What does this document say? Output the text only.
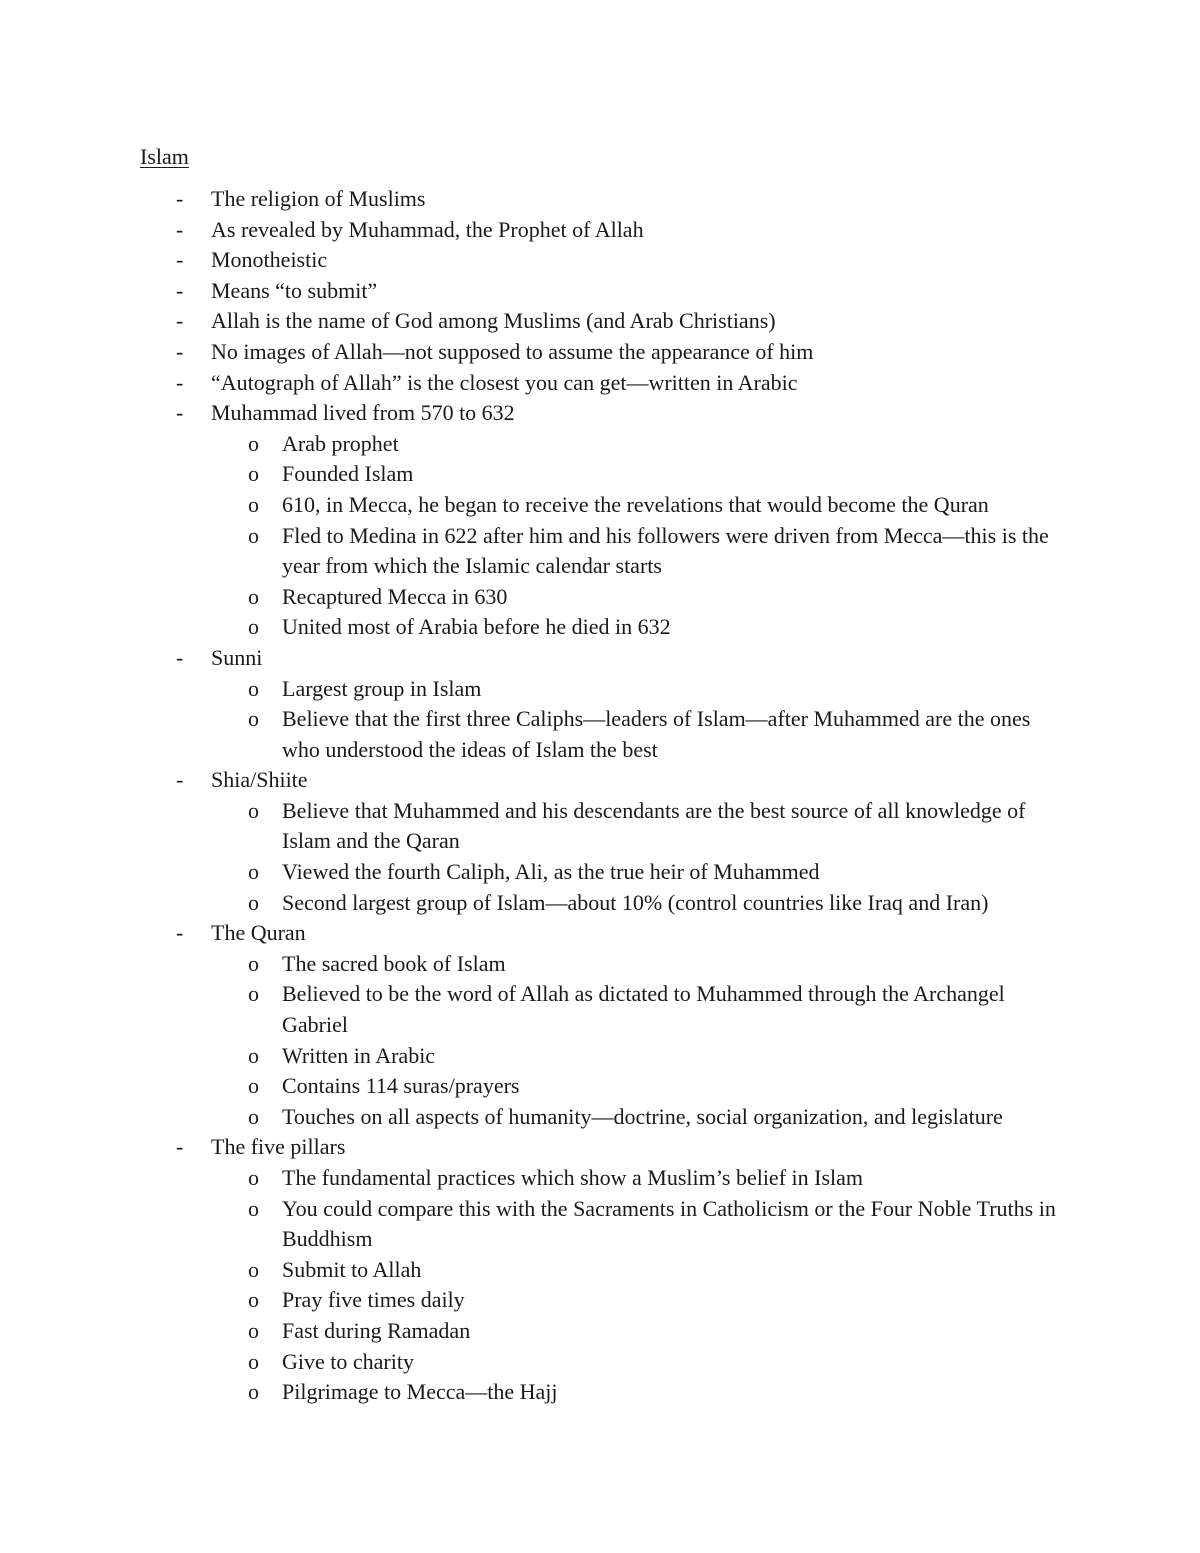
Islam
- The religion of Muslims
- As revealed by Muhammad, the Prophet of Allah
- Monotheistic
- Means “to submit”
- Allah is the name of God among Muslims (and Arab Christians)
- No images of Allah—not supposed to assume the appearance of him
- “Autograph of Allah” is the closest you can get—written in Arabic
- Muhammad lived from 570 to 632
o Arab prophet
o Founded Islam
o 610, in Mecca, he began to receive the revelations that would become the Quran
o Fled to Medina in 622 after him and his followers were driven from Mecca—this is the year from which the Islamic calendar starts
o Recaptured Mecca in 630
o United most of Arabia before he died in 632
- Sunni
o Largest group in Islam
o Believe that the first three Caliphs—leaders of Islam—after Muhammed are the ones who understood the ideas of Islam the best
- Shia/Shiite
o Believe that Muhammed and his descendants are the best source of all knowledge of Islam and the Qaran
o Viewed the fourth Caliph, Ali, as the true heir of Muhammed
o Second largest group of Islam—about 10% (control countries like Iraq and Iran)
- The Quran
o The sacred book of Islam
o Believed to be the word of Allah as dictated to Muhammed through the Archangel Gabriel
o Written in Arabic
o Contains 114 suras/prayers
o Touches on all aspects of humanity—doctrine, social organization, and legislature
- The five pillars
o The fundamental practices which show a Muslim’s belief in Islam
o You could compare this with the Sacraments in Catholicism or the Four Noble Truths in Buddhism
o Submit to Allah
o Pray five times daily
o Fast during Ramadan
o Give to charity
o Pilgrimage to Mecca—the Hajj
